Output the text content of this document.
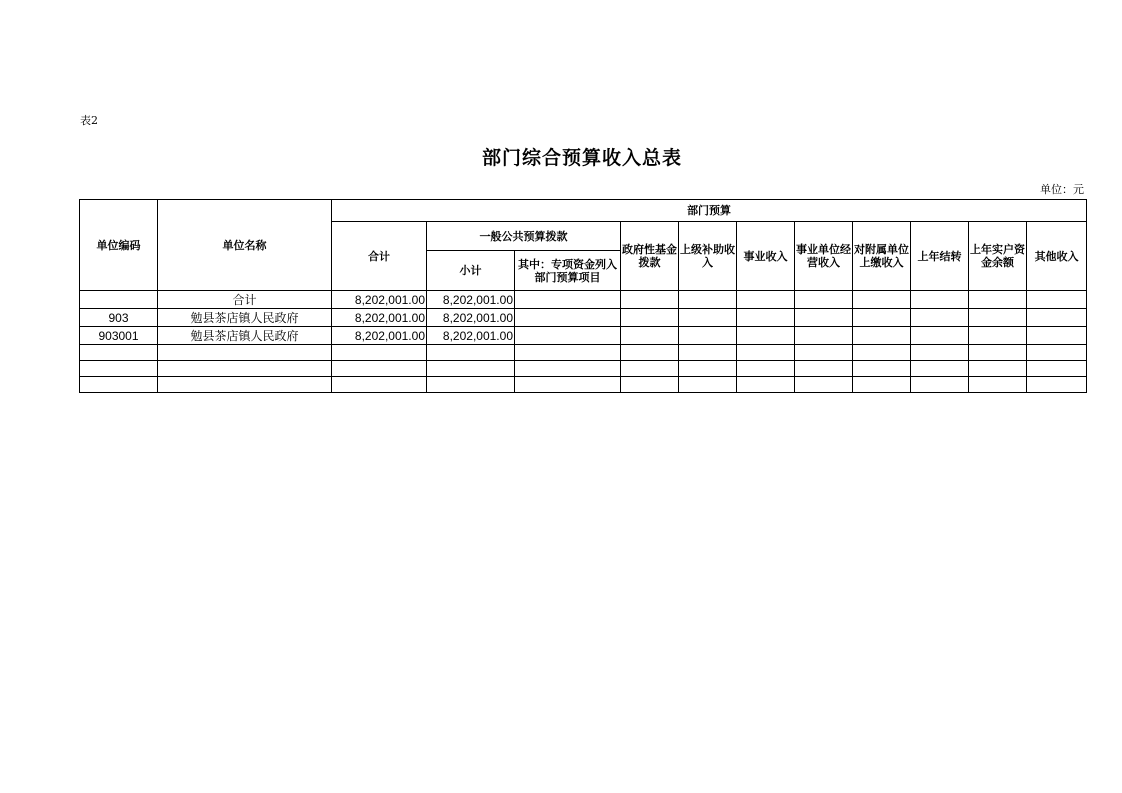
表2
部门综合预算收入总表
单位：元
单位编码	单位名称	部门预算										
		合计	一般公共预算拨款		政府性基金拨款	上级补助收入	事业收入	事业单位经营收入	对附属单位上缴收入	上年结转	上年实户资金余额	其他收入
			小计	其中：专项资金列入部门预算项目								
	合计	8,202,001.00	8,202,001.00									
903	勉县茶店镇人民政府	8,202,001.00	8,202,001.00									
903001	勉县茶店镇人民政府	8,202,001.00	8,202,001.00									
